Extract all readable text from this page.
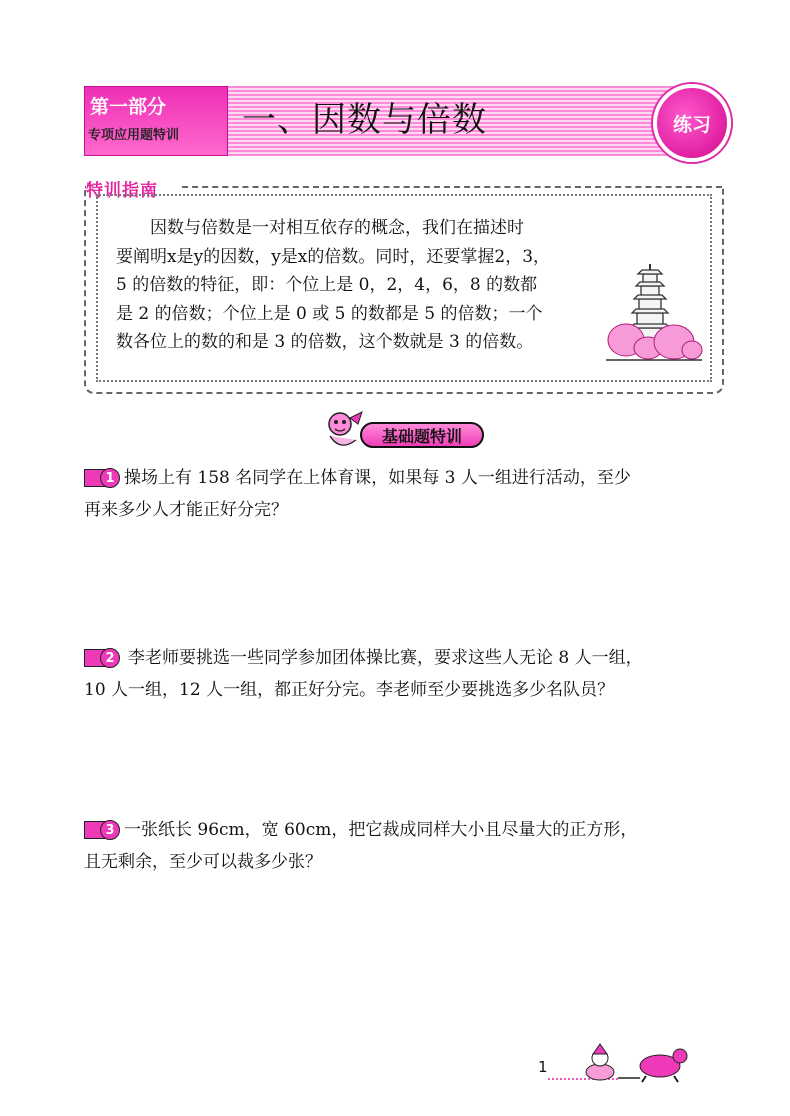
第一部分
专项应用题特训 一、因数与倍数	练习
特训指南

因数与倍数是一对相互依存的概念，我们在描述时

要阐明x是y的因数，y是x的倍数。同时，还要掌握2，3，

5 的倍数的特征，即：个位上是 0，2，4，6，8 的数都

是 2 的倍数；个位上是 0 或 5 的数都是 5 的倍数；一个

数各位上的数的和是 3 的倍数，这个数就是 3 的倍数。

基础题特训
1 操场上有 158 名同学在上体育课，如果每 3 人一组进行活动，至少

再来多少人才能正好分完？

2 李老师要挑选一些同学参加团体操比赛，要求这些人无论 8 人一组，

10 人一组，12 人一组，都正好分完。李老师至少要挑选多少名队员？

3 一张纸长 96cm，宽 60cm，把它裁成同样大小且尽量大的正方形，

且无剩余，至少可以裁多少张？

1
